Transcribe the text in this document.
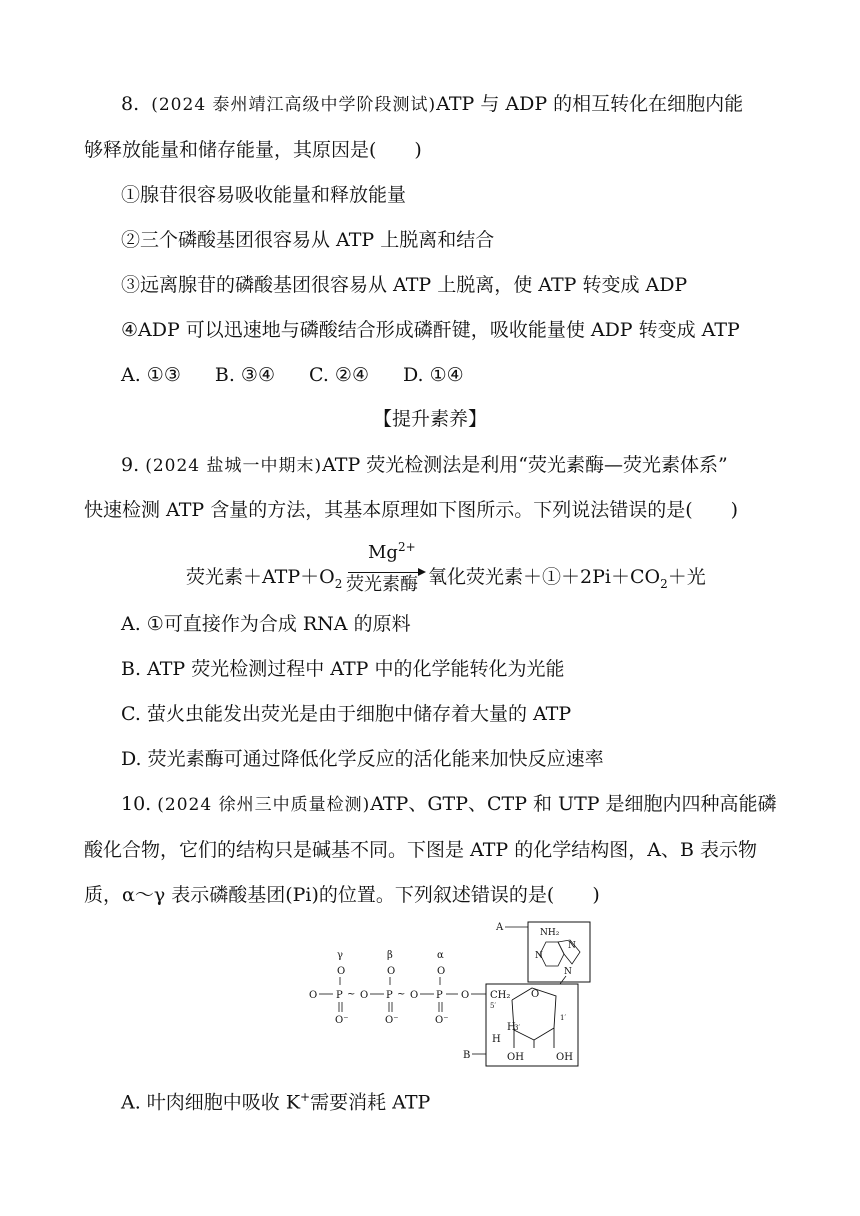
8. (2024 泰州靖江高级中学阶段测试)ATP 与 ADP 的相互转化在细胞内能
够释放能量和储存能量，其原因是(　　)
①腺苷很容易吸收能量和释放能量
②三个磷酸基团很容易从 ATP 上脱离和结合
③远离腺苷的磷酸基团很容易从 ATP 上脱离，使 ATP 转变成 ADP
④ADP 可以迅速地与磷酸结合形成磷酐键，吸收能量使 ADP 转变成 ATP
A. ①③ B. ③④ C. ②④ D. ①④
【提升素养】
9. (2024 盐城一中期末)ATP 荧光检测法是利用“荧光素酶—荧光素体系”
快速检测 ATP 含量的方法，其基本原理如下图所示。下列说法错误的是(　　)
荧光素$+ATP+O_2$
$Mg^{2+}$
荧光素酶 氧化荧光素$+①+2Pi+CO_2+$光
A. ①可直接作为合成 RNA 的原料
B. ATP 荧光检测过程中 ATP 中的化学能转化为光能
C. 萤火虫能发出荧光是由于细胞中储存着大量的 ATP
D. 荧光素酶可通过降低化学反应的活化能来加快反应速率
10. (2024 徐州三中质量检测)ATP、GTP、CTP 和 UTP 是细胞内四种高能磷
酸化合物，它们的结构只是碱基不同。下图是 ATP 的化学结构图，A、B 表示物
质，α～γ 表示磷酸基团(Pi)的位置。下列叙述错误的是(　　)
γ	β	α
O	O	O
O P ~ O P ~ O P O
O⁻	O⁻	O⁻
CH₂
5′
O
1′
H
3′
H
OH	OH
B
A	NH₂
N
N
N
A. 叶肉细胞中吸收 K+需要消耗 ATP
